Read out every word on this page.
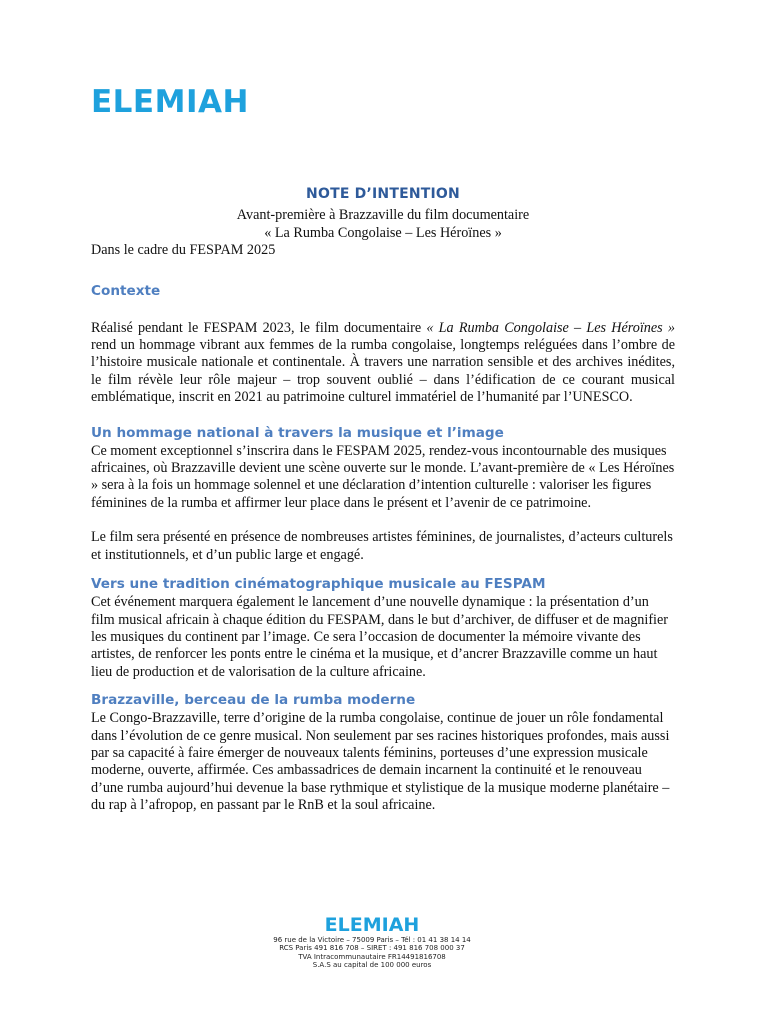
ELEMIAH
NOTE D’INTENTION
Avant-première à Brazzaville du film documentaire
« La Rumba Congolaise – Les Héroïnes »

Dans le cadre du FESPAM 2025

Contexte

Réalisé pendant le FESPAM 2023, le film documentaire « La Rumba Congolaise – Les Héroïnes » rend un hommage vibrant aux femmes de la rumba congolaise, longtemps reléguées dans l’ombre de l’histoire musicale nationale et continentale. À travers une narration sensible et des archives inédites, le film révèle leur rôle majeur – trop souvent oublié – dans l’édification de ce courant musical emblématique, inscrit en 2021 au patrimoine culturel immatériel de l’humanité par l’UNESCO.

Un hommage national à travers la musique et l’image

Ce moment exceptionnel s’inscrira dans le FESPAM 2025, rendez-vous incontournable des musiques africaines, où Brazzaville devient une scène ouverte sur le monde. L’avant-première de « Les Héroïnes » sera à la fois un hommage solennel et une déclaration d’intention culturelle : valoriser les figures féminines de la rumba et affirmer leur place dans le présent et l’avenir de ce patrimoine.

Le film sera présenté en présence de nombreuses artistes féminines, de journalistes, d’acteurs culturels et institutionnels, et d’un public large et engagé.

Vers une tradition cinématographique musicale au FESPAM

Cet événement marquera également le lancement d’une nouvelle dynamique : la présentation d’un film musical africain à chaque édition du FESPAM, dans le but d’archiver, de diffuser et de magnifier les musiques du continent par l’image. Ce sera l’occasion de documenter la mémoire vivante des artistes, de renforcer les ponts entre le cinéma et la musique, et d’ancrer Brazzaville comme un haut lieu de production et de valorisation de la culture africaine.

Brazzaville, berceau de la rumba moderne

Le Congo-Brazzaville, terre d’origine de la rumba congolaise, continue de jouer un rôle fondamental dans l’évolution de ce genre musical. Non seulement par ses racines historiques profondes, mais aussi par sa capacité à faire émerger de nouveaux talents féminins, porteuses d’une expression musicale moderne, ouverte, affirmée. Ces ambassadrices de demain incarnent la continuité et le renouveau d’une rumba aujourd’hui devenue la base rythmique et stylistique de la musique moderne planétaire – du rap à l’afropop, en passant par le RnB et la soul africaine.

ELEMIAH
96 rue de la Victoire – 75009 Paris – Tél : 01 41 38 14 14
RCS Paris 491 816 708 – SIRET : 491 816 708 000 37
TVA Intracommunautaire FR14491816708
S.A.S au capital de 100 000 euros
